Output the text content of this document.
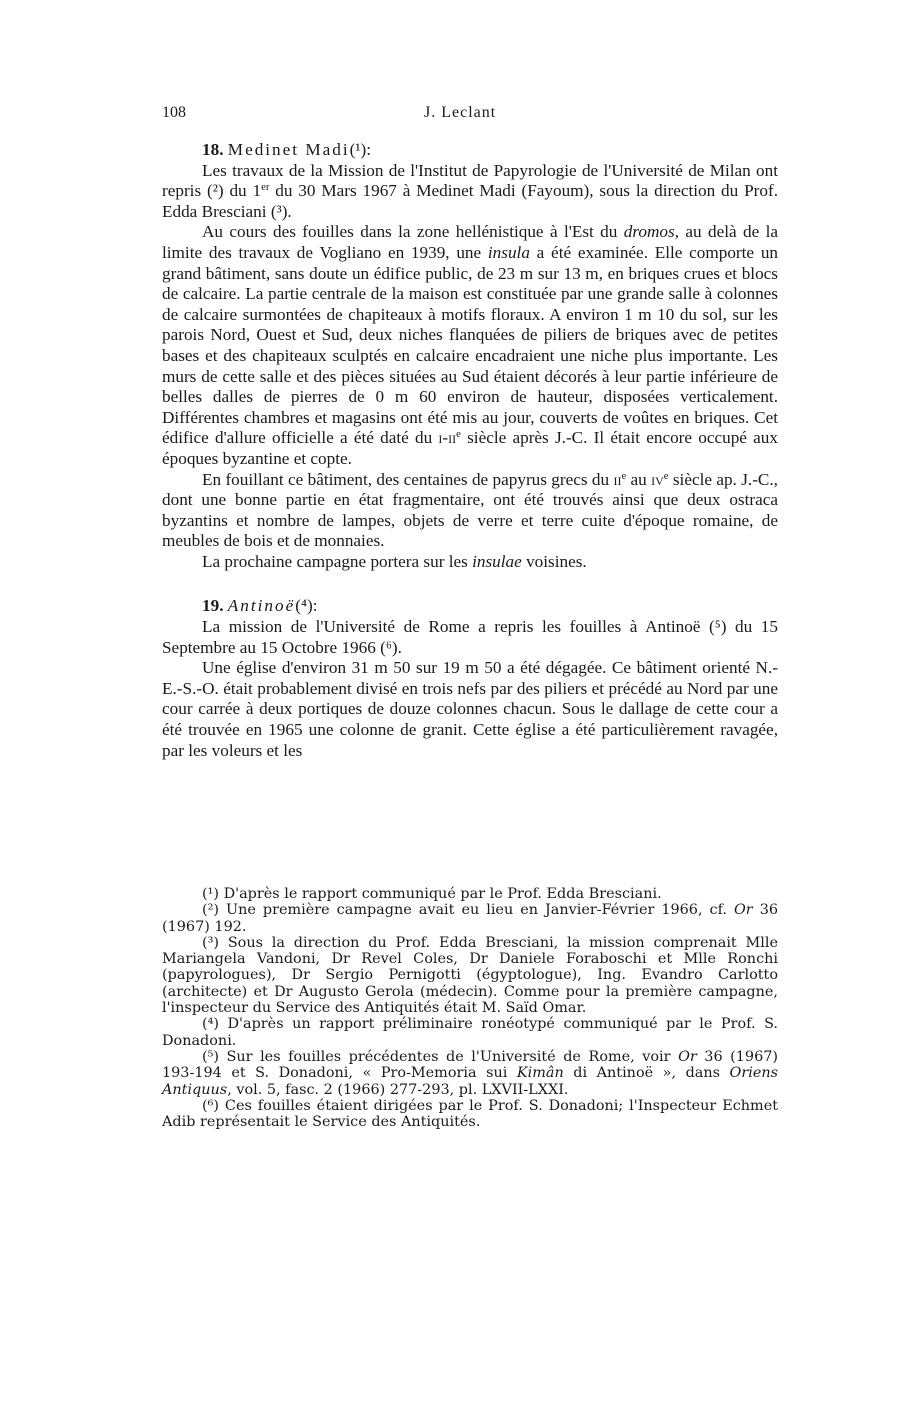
108	J. Leclant

18. Medinet Madi(¹):

Les travaux de la Mission de l'Institut de Papyrologie de l'Université de Milan ont repris (²) du 1er du 30 Mars 1967 à Medinet Madi (Fayoum), sous la direction du Prof. Edda Bresciani (³).

Au cours des fouilles dans la zone hellénistique à l'Est du dromos, au delà de la limite des travaux de Vogliano en 1939, une insula a été examinée. Elle comporte un grand bâtiment, sans doute un édifice public, de 23 m sur 13 m, en briques crues et blocs de calcaire. La partie centrale de la maison est constituée par une grande salle à colonnes de calcaire surmontées de chapiteaux à motifs floraux. A environ 1 m 10 du sol, sur les parois Nord, Ouest et Sud, deux niches flanquées de piliers de briques avec de petites bases et des chapiteaux sculptés en calcaire encadraient une niche plus importante. Les murs de cette salle et des pièces situées au Sud étaient décorés à leur partie inférieure de belles dalles de pierres de 0 m 60 environ de hauteur, disposées verticalement. Différentes chambres et magasins ont été mis au jour, couverts de voûtes en briques. Cet édifice d'allure officielle a été daté du $i-ii^e$ siècle après J.-C. Il était encore occupé aux époques byzantine et copte.

En fouillant ce bâtiment, des centaines de papyrus grecs du $ii^e$ au $iv^e$ siècle ap. J.-C., dont une bonne partie en état fragmentaire, ont été trouvés ainsi que deux ostraca byzantins et nombre de lampes, objets de verre et terre cuite d'époque romaine, de meubles de bois et de monnaies.

La prochaine campagne portera sur les insulae voisines.

19. Antinoë(⁴):

La mission de l'Université de Rome a repris les fouilles à Antinoë (⁵) du 15 Septembre au 15 Octobre 1966 (⁶).

Une église d'environ 31 m 50 sur 19 m 50 a été dégagée. Ce bâtiment orienté N.-E.-S.-O. était probablement divisé en trois nefs par des piliers et précédé au Nord par une cour carrée à deux portiques de douze colonnes chacun. Sous le dallage de cette cour a été trouvée en 1965 une colonne de granit. Cette église a été particulièrement ravagée, par les voleurs et les

(¹) D'après le rapport communiqué par le Prof. Edda Bresciani.

(²) Une première campagne avait eu lieu en Janvier-Février 1966, cf. Or 36 (1967) 192.

(³) Sous la direction du Prof. Edda Bresciani, la mission comprenait Mlle Mariangela Vandoni, Dr Revel Coles, Dr Daniele Foraboschi et Mlle Ronchi (papyrologues), Dr Sergio Pernigotti (égyptologue), Ing. Evandro Carlotto (architecte) et Dr Augusto Gerola (médecin). Comme pour la première campagne, l'inspecteur du Service des Antiquités était M. Saïd Omar.

(⁴) D'après un rapport préliminaire ronéotypé communiqué par le Prof. S. Donadoni.

(⁵) Sur les fouilles précédentes de l'Université de Rome, voir Or 36 (1967) 193-194 et S. Donadoni, « Pro-Memoria sui Kimân di Antinoë », dans Oriens Antiquus, vol. 5, fasc. 2 (1966) 277-293, pl. LXVII-LXXI.

(⁶) Ces fouilles étaient dirigées par le Prof. S. Donadoni; l'Inspecteur Echmet Adib représentait le Service des Antiquités.
